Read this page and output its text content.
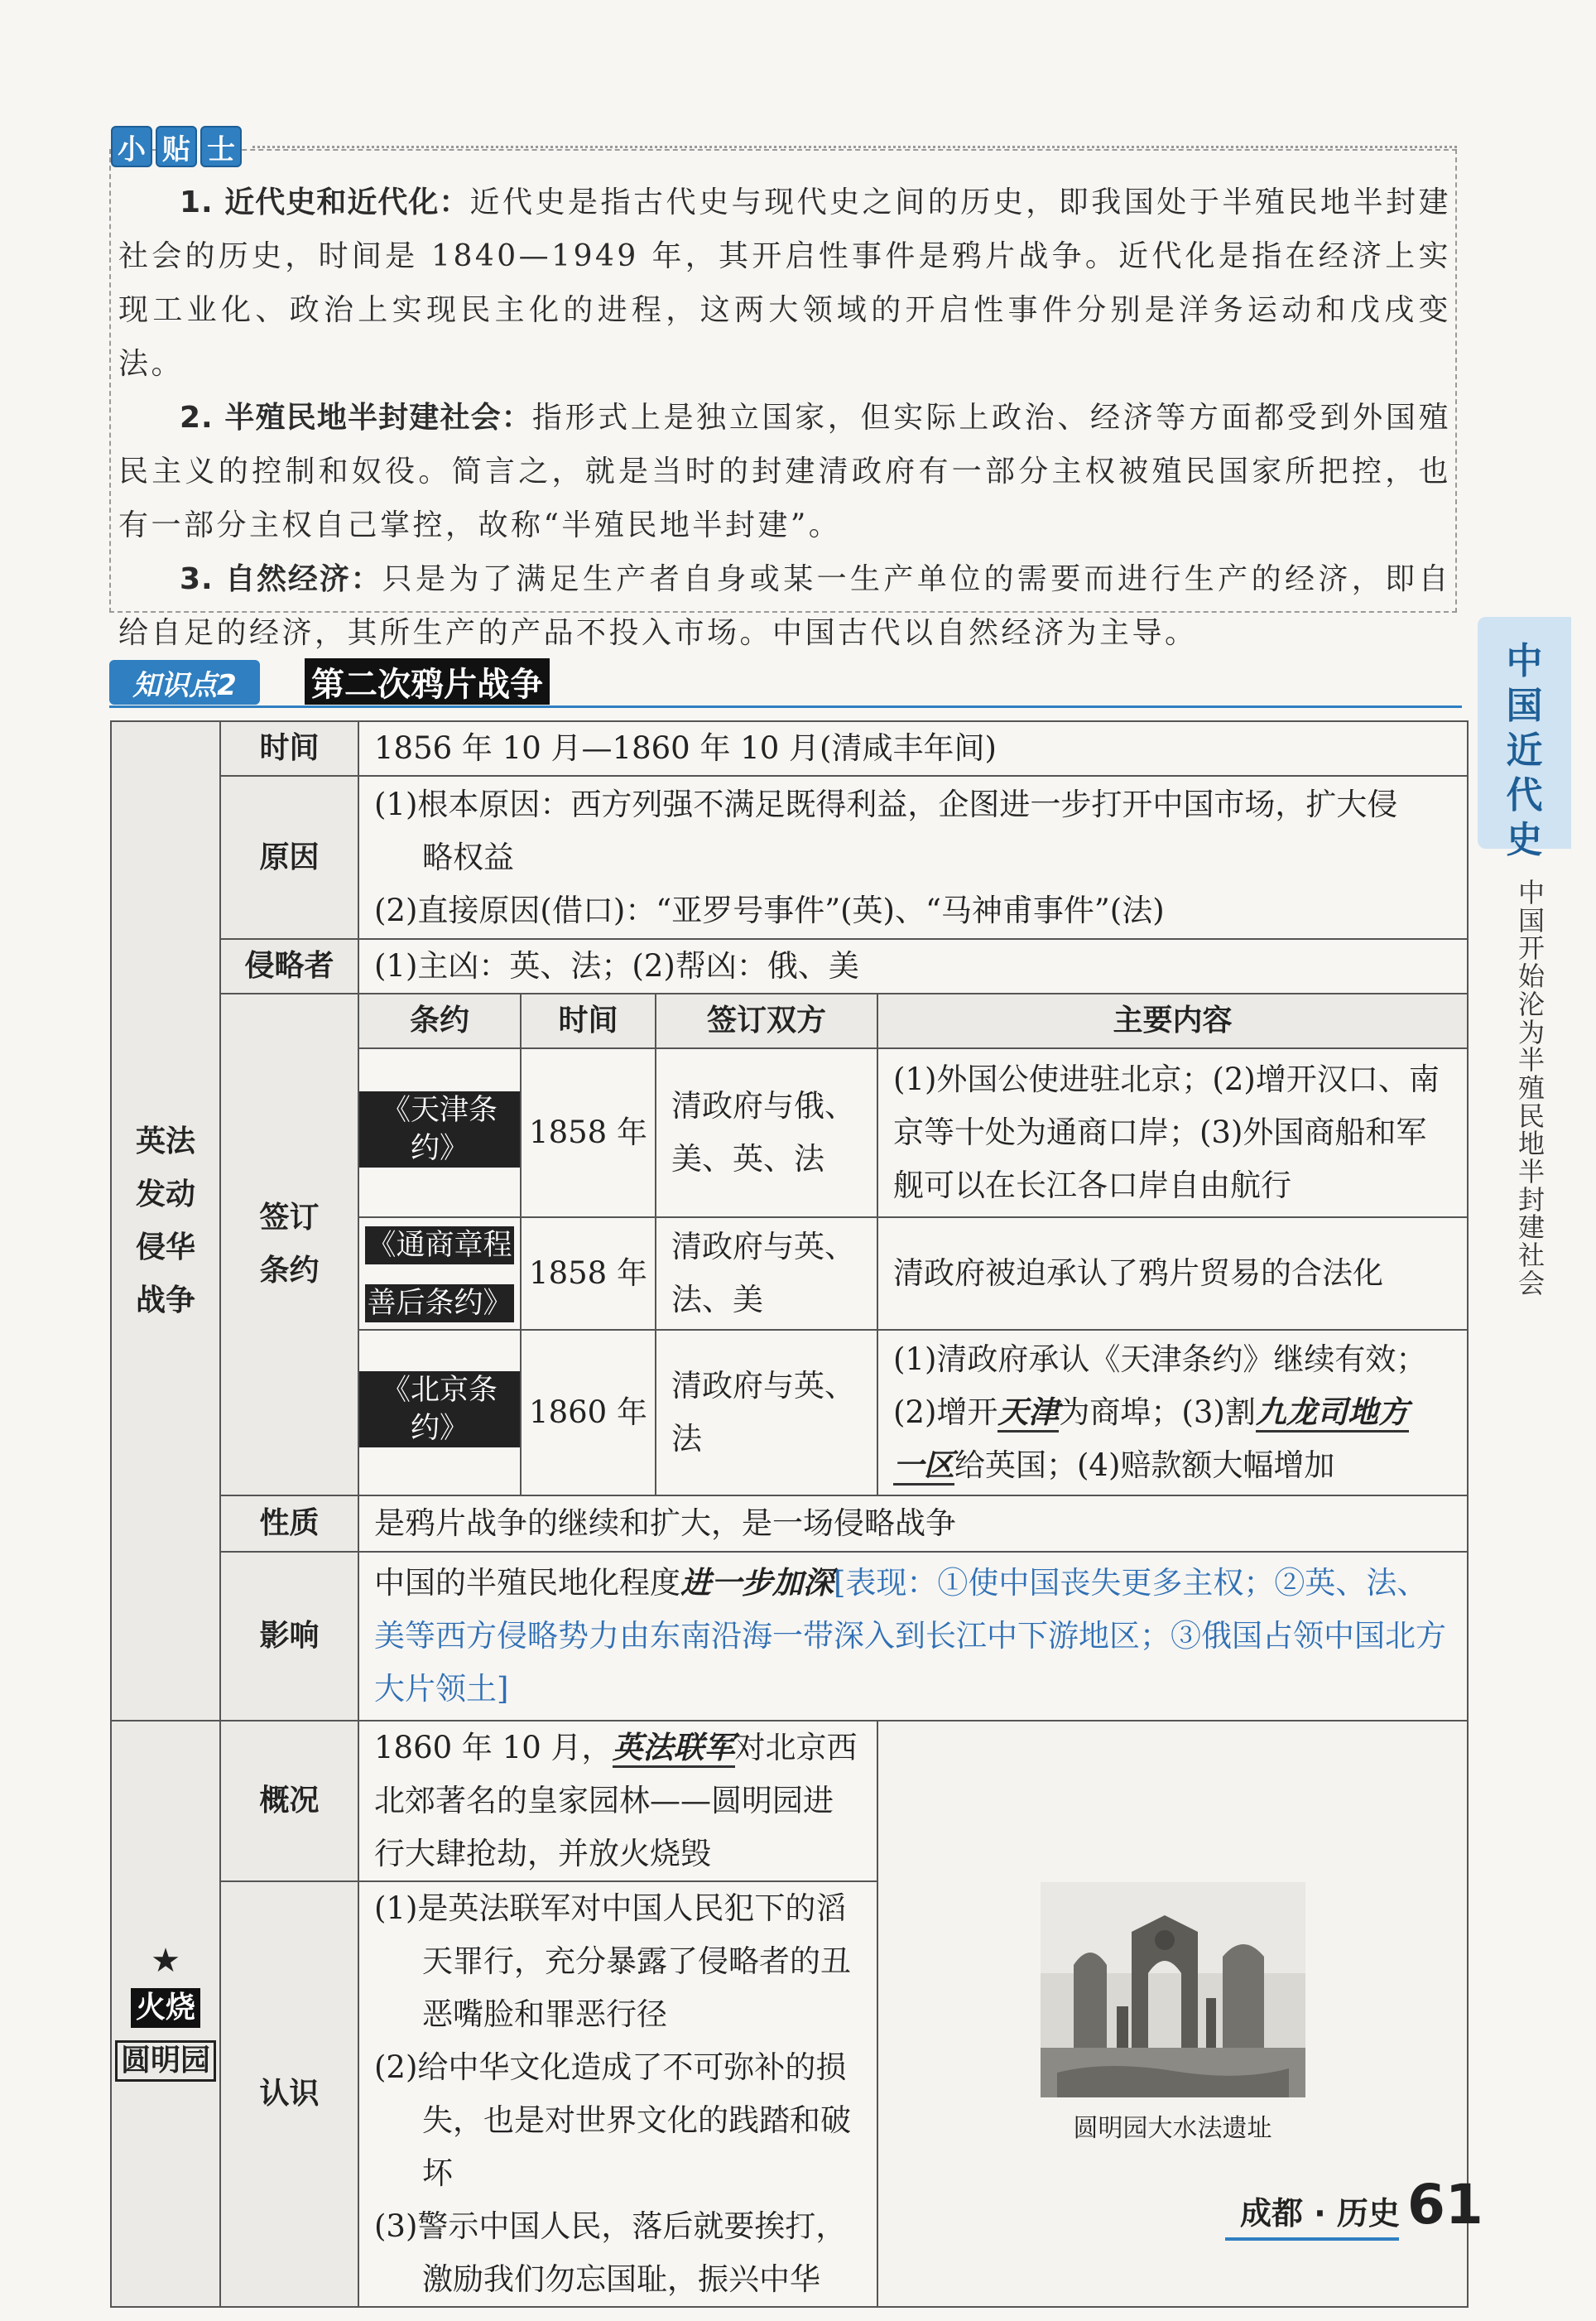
小 贴 士

1. 近代史和近代化：近代史是指古代史与现代史之间的历史，即我国处于半殖民地半封建社会的历史，时间是 1840—1949 年，其开启性事件是鸦片战争。近代化是指在经济上实现工业化、政治上实现民主化的进程，这两大领域的开启性事件分别是洋务运动和戊戌变法。

2. 半殖民地半封建社会：指形式上是独立国家，但实际上政治、经济等方面都受到外国殖民主义的控制和奴役。简言之，就是当时的封建清政府有一部分主权被殖民国家所把控，也有一部分主权自己掌控，故称“半殖民地半封建”。

3. 自然经济：只是为了满足生产者自身或某一生产单位的需要而进行生产的经济，即自给自足的经济，其所生产的产品不投入市场。中国古代以自然经济为主导。

知识点2	第二次鸦片战争
中
国
近
代
史
中国开始沦为半殖民地半封建社会
英法
发动
侵华
战争	时间	1856 年 10 月—1860 年 10 月(清咸丰年间)			
	原因	(1)根本原因：西方列强不满足既得利益，企图进一步打开中国市场，扩大侵
略权益
(2)直接原因(借口)：“亚罗号事件”(英)、“马神甫事件”(法)			

	侵略者	(1)主凶：英、法；(2)帮凶：俄、美			

	签订
条约	条约	时间	签订双方	主要内容
		《天津条约》	1858 年	清政府与俄、美、英、法	(1)外国公使进驻北京；(2)增开汉口、南京等十处为通商口岸；(3)外国商船和军舰可以在长江各口岸自由航行
		《通商章程
善后条约》	1858 年	清政府与英、法、美	清政府被迫承认了鸦片贸易的合法化
		《北京条约》	1860 年	清政府与英、法	(1)清政府承认《天津条约》继续有效；
(2)增开天津为商埠；(3)割九龙司地方
一区给英国；(4)赔款额大幅增加

	性质	是鸦片战争的继续和扩大，是一场侵略战争			
	影响	中国的半殖民地化程度进一步加深[表现：①使中国丧失更多主权；②英、法、美等西方侵略势力由东南沿海一带深入到长江中下游地区；③俄国占领中国北方大片领土]			

★
火烧
圆明园	概况	1860 年 10 月，英法联军对北京西北郊著名的皇家园林——圆明园进行大肆抢劫，并放火烧毁			圆明园大水法遗址

	认识	(1)是英法联军对中国人民犯下的滔天罪行，充分暴露了侵略者的丑恶嘴脸和罪恶行径
(2)给中华文化造成了不可弥补的损失，也是对世界文化的践踏和破坏
(3)警示中国人民，落后就要挨打，激励我们勿忘国耻，振兴中华			
成都 · 历史 61
